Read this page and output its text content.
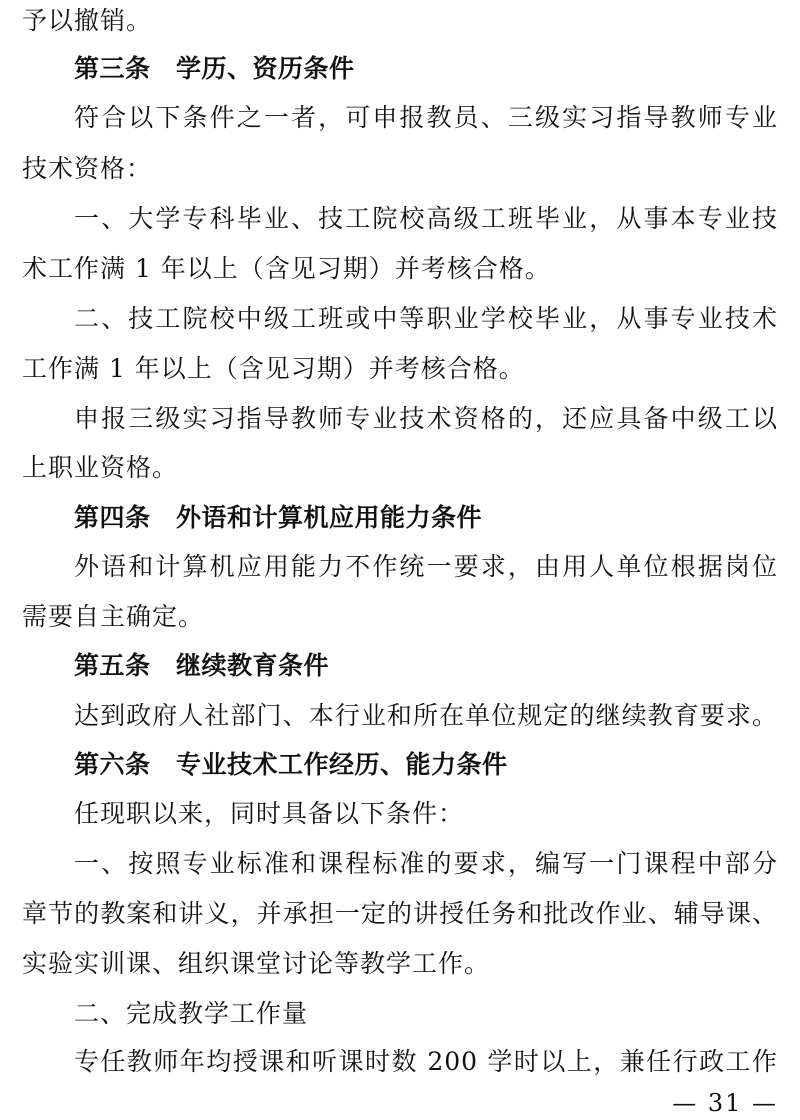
予以撤销。
第三条 学历、资历条件
符合以下条件之一者，可申报教员、三级实习指导教师专业
技术资格：
一、大学专科毕业、技工院校高级工班毕业，从事本专业技
术工作满 1 年以上（含见习期）并考核合格。
二、技工院校中级工班或中等职业学校毕业，从事专业技术
工作满 1 年以上（含见习期）并考核合格。
申报三级实习指导教师专业技术资格的，还应具备中级工以
上职业资格。
第四条 外语和计算机应用能力条件
外语和计算机应用能力不作统一要求，由用人单位根据岗位
需要自主确定。
第五条 继续教育条件
达到政府人社部门、本行业和所在单位规定的继续教育要求。
第六条 专业技术工作经历、能力条件
任现职以来，同时具备以下条件：
一、按照专业标准和课程标准的要求，编写一门课程中部分
章节的教案和讲义，并承担一定的讲授任务和批改作业、辅导课、
实验实训课、组织课堂讨论等教学工作。
二、完成教学工作量
专任教师年均授课和听课时数 200 学时以上，兼任行政工作
— 31 —
